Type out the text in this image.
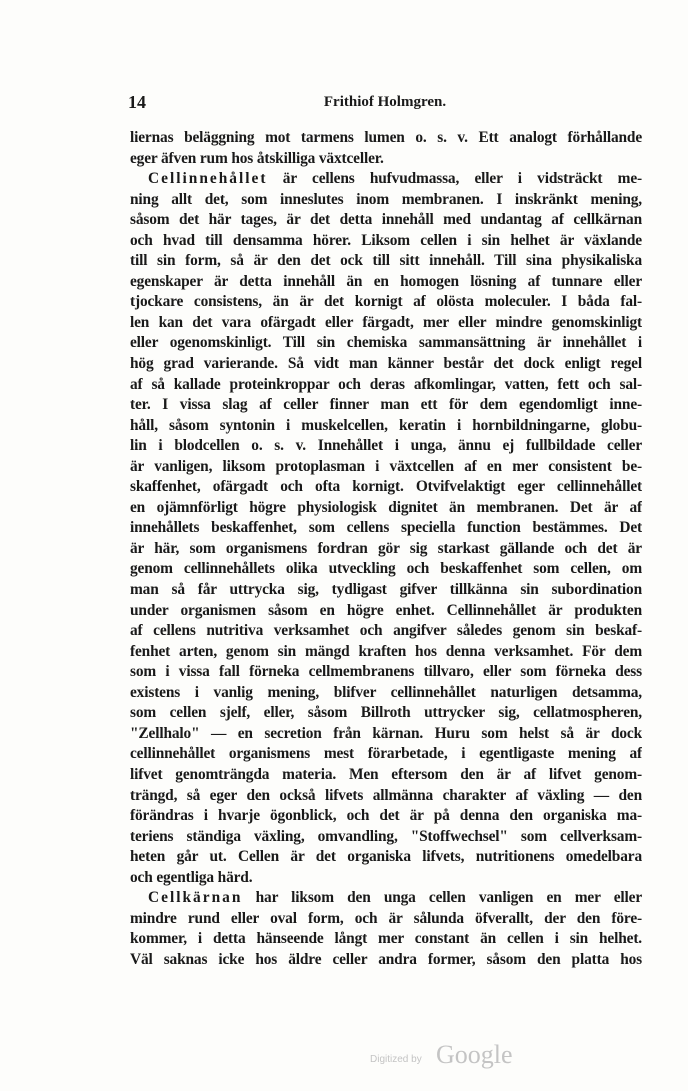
14	Frithiof Holmgren.
liernas beläggning mot tarmens lumen o. s. v. Ett analogt förhållande
eger äfven rum hos åtskilliga växtceller.
Cellinnehållet är cellens hufvudmassa, eller i vidsträckt me-
ning allt det, som inneslutes inom membranen. I inskränkt mening,
såsom det här tages, är det detta innehåll med undantag af cellkärnan
och hvad till densamma hörer. Liksom cellen i sin helhet är växlande
till sin form, så är den det ock till sitt innehåll. Till sina physikaliska
egenskaper är detta innehåll än en homogen lösning af tunnare eller
tjockare consistens, än är det kornigt af olösta moleculer. I båda fal-
len kan det vara ofärgadt eller färgadt, mer eller mindre genomskinligt
eller ogenomskinligt. Till sin chemiska sammansättning är innehållet i
hög grad varierande. Så vidt man känner består det dock enligt regel
af så kallade proteinkroppar och deras afkomlingar, vatten, fett och sal-
ter. I vissa slag af celler finner man ett för dem egendomligt inne-
håll, såsom syntonin i muskelcellen, keratin i hornbildningarne, globu-
lin i blodcellen o. s. v. Innehållet i unga, ännu ej fullbildade celler
är vanligen, liksom protoplasman i växtcellen af en mer consistent be-
skaffenhet, ofärgadt och ofta kornigt. Otvifvelaktigt eger cellinnehållet
en ojämnförligt högre physiologisk dignitet än membranen. Det är af
innehållets beskaffenhet, som cellens speciella function bestämmes. Det
är här, som organismens fordran gör sig starkast gällande och det är
genom cellinnehållets olika utveckling och beskaffenhet som cellen, om
man så får uttrycka sig, tydligast gifver tillkänna sin subordination
under organismen såsom en högre enhet. Cellinnehållet är produkten
af cellens nutritiva verksamhet och angifver således genom sin beskaf-
fenhet arten, genom sin mängd kraften hos denna verksamhet. För dem
som i vissa fall förneka cellmembranens tillvaro, eller som förneka dess
existens i vanlig mening, blifver cellinnehållet naturligen detsamma,
som cellen sjelf, eller, såsom Billroth uttrycker sig, cellatmospheren,
"Zellhalo" — en secretion från kärnan. Huru som helst så är dock
cellinnehållet organismens mest förarbetade, i egentligaste mening af
lifvet genomträngda materia. Men eftersom den är af lifvet genom-
trängd, så eger den också lifvets allmänna charakter af växling — den
förändras i hvarje ögonblick, och det är på denna den organiska ma-
teriens ständiga växling, omvandling, "Stoffwechsel" som cellverksam-
heten går ut. Cellen är det organiska lifvets, nutritionens omedelbara
och egentliga härd.
Cellkärnan har liksom den unga cellen vanligen en mer eller
mindre rund eller oval form, och är sålunda öfverallt, der den före-
kommer, i detta hänseende långt mer constant än cellen i sin helhet.
Väl saknas icke hos äldre celler andra former, såsom den platta hos
Digitized by Google
